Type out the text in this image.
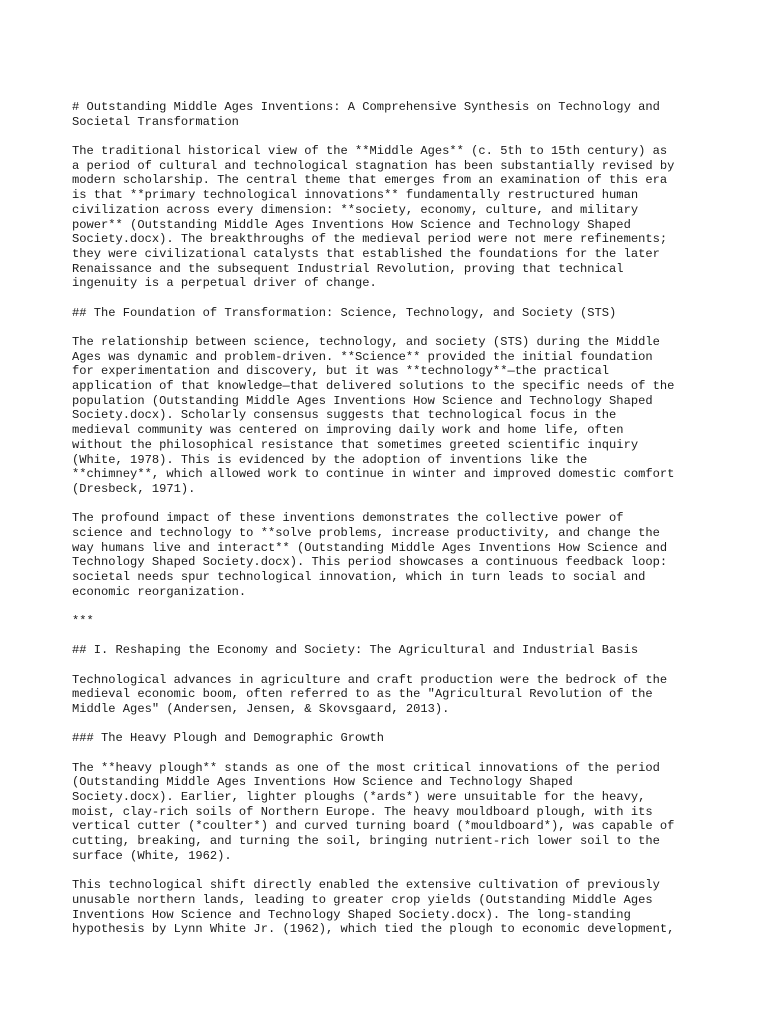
# Outstanding Middle Ages Inventions: A Comprehensive Synthesis on Technology and
Societal Transformation

The traditional historical view of the **Middle Ages** (c. 5th to 15th century) as
a period of cultural and technological stagnation has been substantially revised by
modern scholarship. The central theme that emerges from an examination of this era
is that **primary technological innovations** fundamentally restructured human
civilization across every dimension: **society, economy, culture, and military
power** (Outstanding Middle Ages Inventions How Science and Technology Shaped
Society.docx). The breakthroughs of the medieval period were not mere refinements;
they were civilizational catalysts that established the foundations for the later
Renaissance and the subsequent Industrial Revolution, proving that technical
ingenuity is a perpetual driver of change.

## The Foundation of Transformation: Science, Technology, and Society (STS)

The relationship between science, technology, and society (STS) during the Middle
Ages was dynamic and problem-driven. **Science** provided the initial foundation
for experimentation and discovery, but it was **technology**—the practical
application of that knowledge—that delivered solutions to the specific needs of the
population (Outstanding Middle Ages Inventions How Science and Technology Shaped
Society.docx). Scholarly consensus suggests that technological focus in the
medieval community was centered on improving daily work and home life, often
without the philosophical resistance that sometimes greeted scientific inquiry
(White, 1978). This is evidenced by the adoption of inventions like the
**chimney**, which allowed work to continue in winter and improved domestic comfort
(Dresbeck, 1971).

The profound impact of these inventions demonstrates the collective power of
science and technology to **solve problems, increase productivity, and change the
way humans live and interact** (Outstanding Middle Ages Inventions How Science and
Technology Shaped Society.docx). This period showcases a continuous feedback loop:
societal needs spur technological innovation, which in turn leads to social and
economic reorganization.

***

## I. Reshaping the Economy and Society: The Agricultural and Industrial Basis

Technological advances in agriculture and craft production were the bedrock of the
medieval economic boom, often referred to as the "Agricultural Revolution of the
Middle Ages" (Andersen, Jensen, & Skovsgaard, 2013).

### The Heavy Plough and Demographic Growth

The **heavy plough** stands as one of the most critical innovations of the period
(Outstanding Middle Ages Inventions How Science and Technology Shaped
Society.docx). Earlier, lighter ploughs (*ards*) were unsuitable for the heavy,
moist, clay-rich soils of Northern Europe. The heavy mouldboard plough, with its
vertical cutter (*coulter*) and curved turning board (*mouldboard*), was capable of
cutting, breaking, and turning the soil, bringing nutrient-rich lower soil to the
surface (White, 1962).

This technological shift directly enabled the extensive cultivation of previously
unusable northern lands, leading to greater crop yields (Outstanding Middle Ages
Inventions How Science and Technology Shaped Society.docx). The long-standing
hypothesis by Lynn White Jr. (1962), which tied the plough to economic development,
